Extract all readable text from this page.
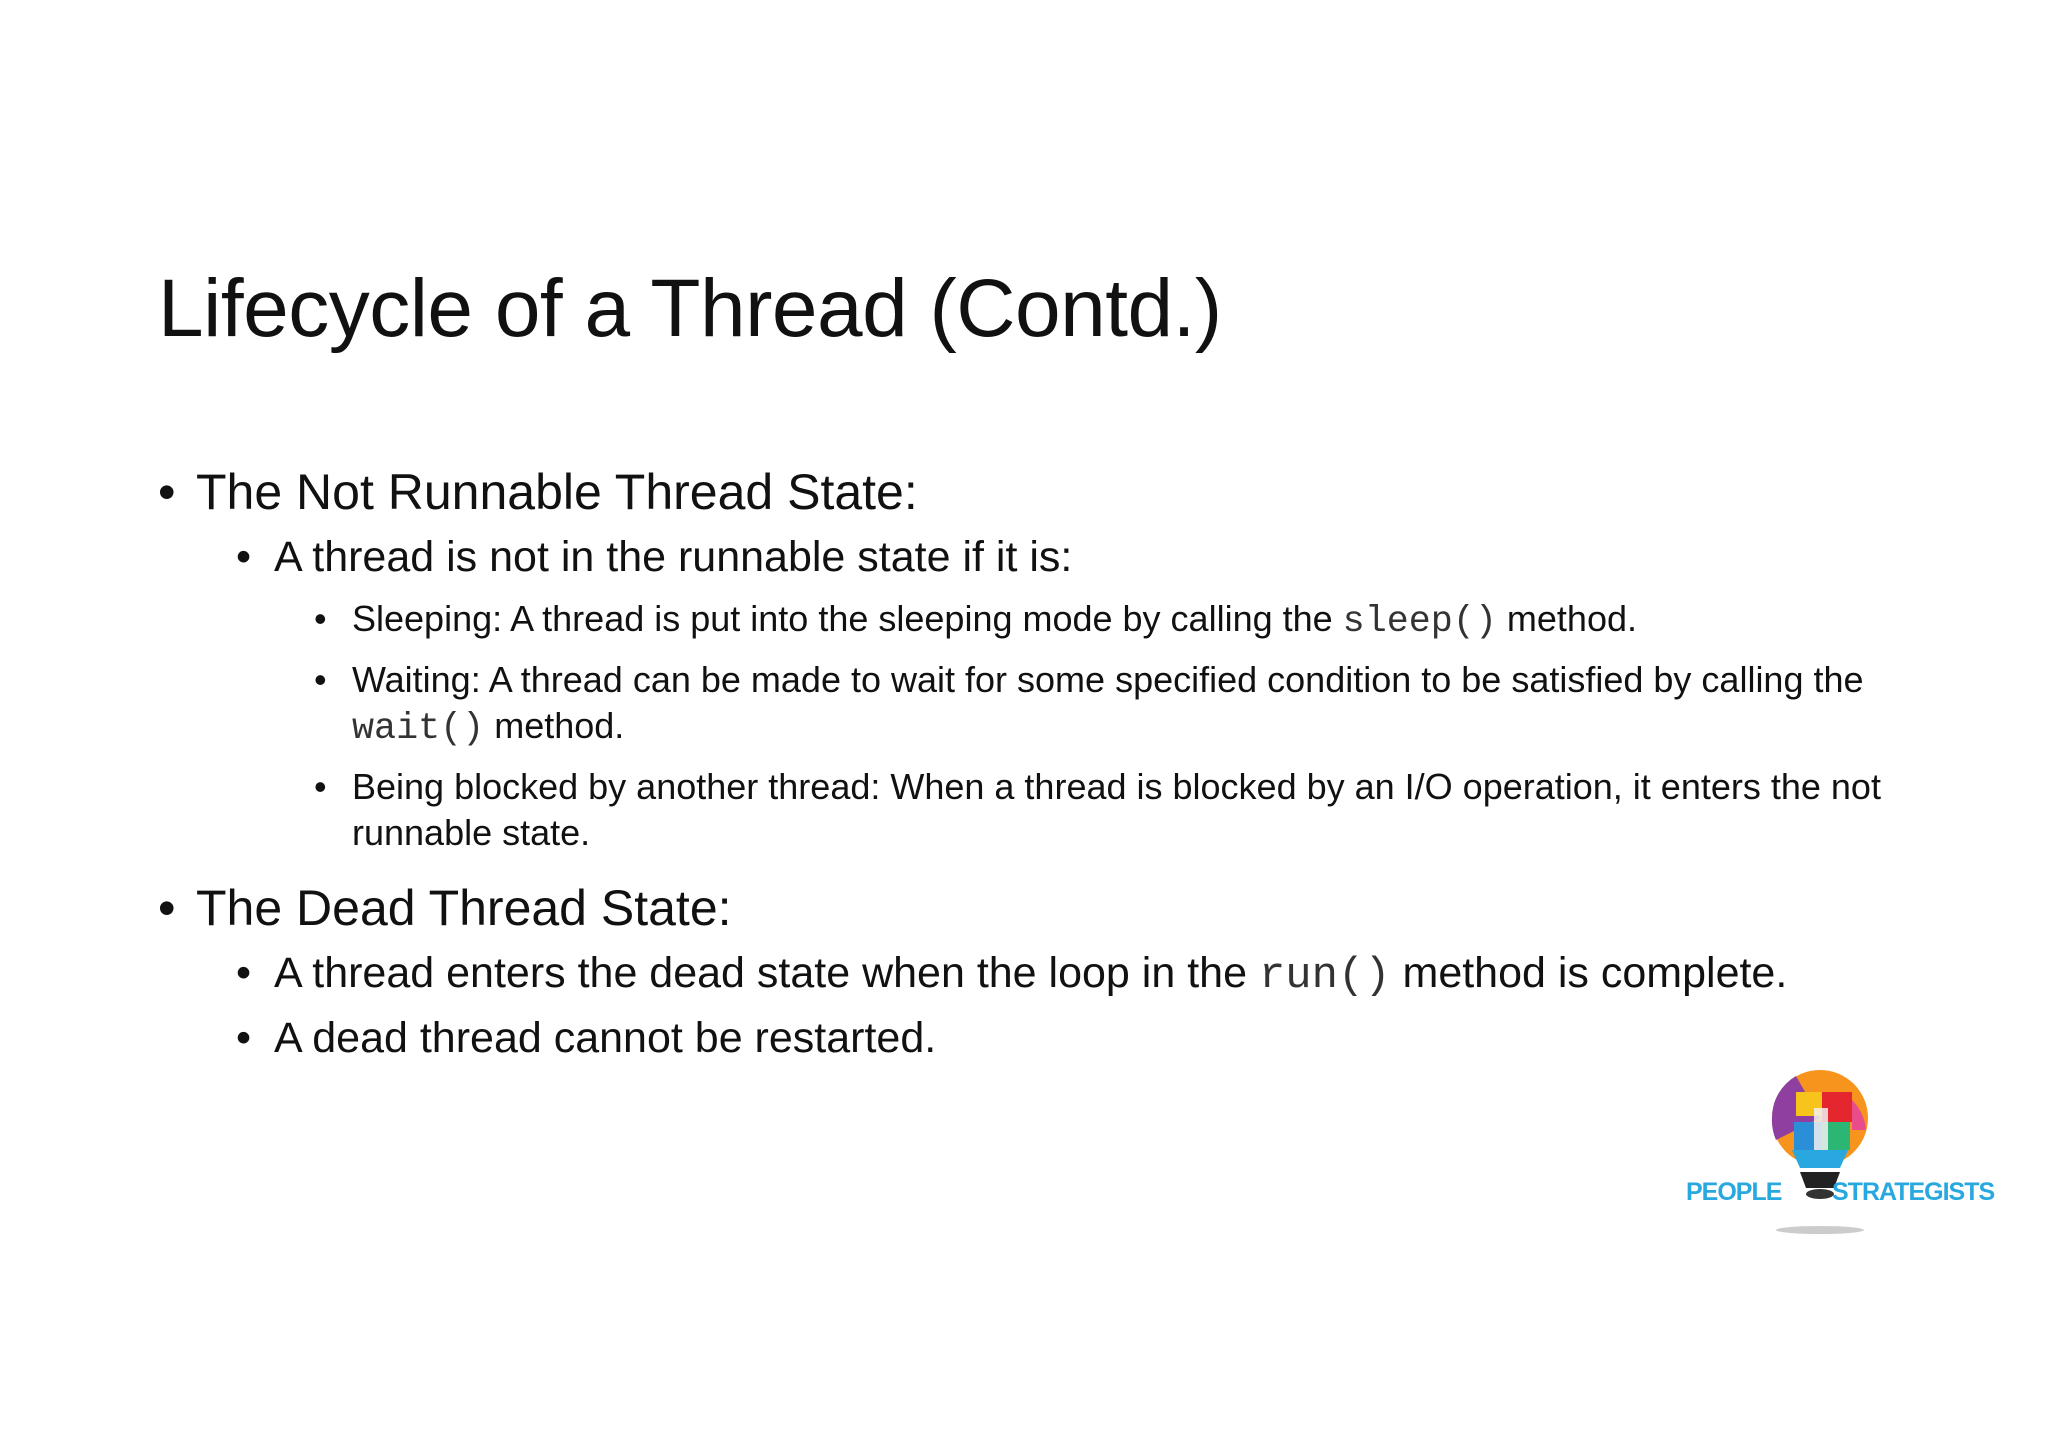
Lifecycle of a Thread (Contd.)
• The Not Runnable Thread State:
• A thread is not in the runnable state if it is:
• Sleeping: A thread is put into the sleeping mode by calling the sleep() method.
• Waiting: A thread can be made to wait for some specified condition to be satisfied by calling the wait() method.
• Being blocked by another thread: When a thread is blocked by an I/O operation, it enters the not runnable state.
• The Dead Thread State:
• A thread enters the dead state when the loop in the run() method is complete.
• A dead thread cannot be restarted.
PEOPLE STRATEGISTS
